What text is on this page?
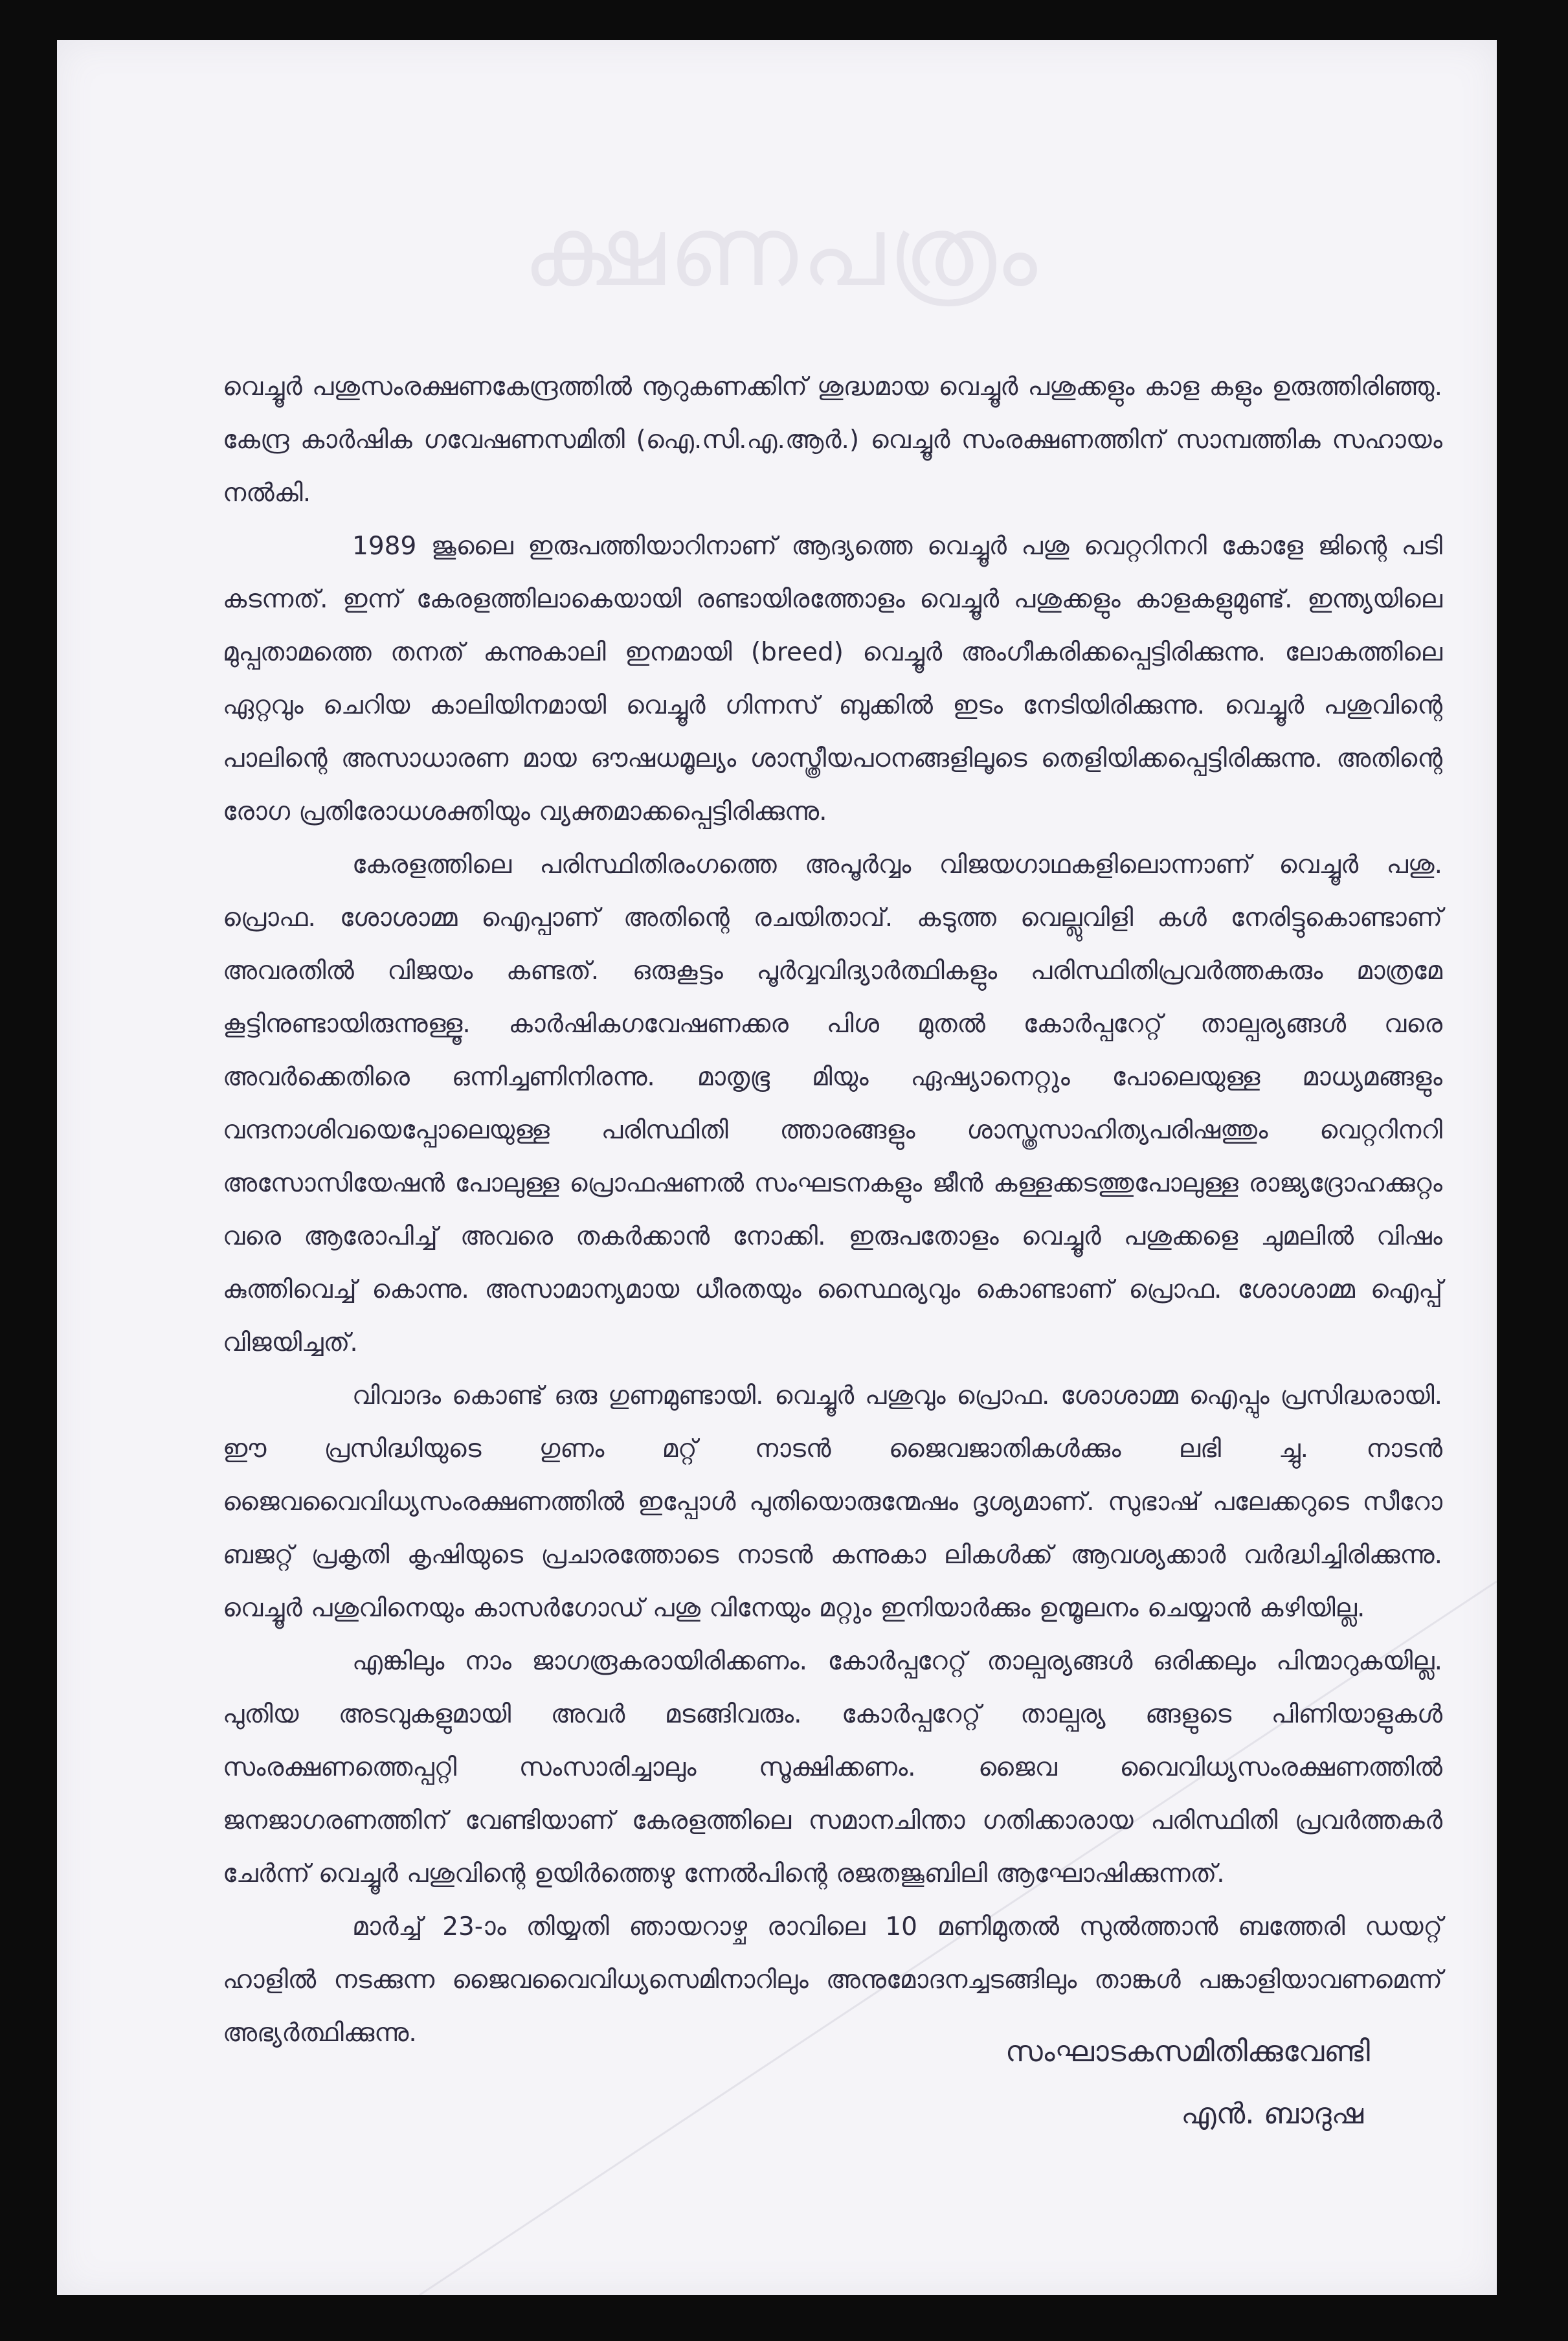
ക്ഷണപത്രം

വെച്ചൂർ പശുസംരക്ഷണകേന്ദ്രത്തിൽ നൂറുകണക്കിന് ശുദ്ധമായ വെച്ചൂർ പശുക്കളും കാള കളും ഉരുത്തിരിഞ്ഞു. കേന്ദ്ര കാർഷിക ഗവേഷണസമിതി (ഐ.സി.എ.ആർ.) വെച്ചൂർ സംരക്ഷണത്തിന് സാമ്പത്തിക സഹായം നൽകി.

1989 ജൂലൈ ഇരുപത്തിയാറിനാണ് ആദ്യത്തെ വെച്ചൂർ പശു വെറ്ററിനറി കോളേ ജിന്റെ പടി കടന്നത്. ഇന്ന് കേരളത്തിലാകെയായി രണ്ടായിരത്തോളം വെച്ചൂർ പശുക്കളും കാളകളുമുണ്ട്. ഇന്ത്യയിലെ മുപ്പതാമത്തെ തനത് കന്നുകാലി ഇനമായി (breed) വെച്ചൂർ അംഗീകരിക്കപ്പെട്ടിരിക്കുന്നു. ലോകത്തിലെ ഏറ്റവും ചെറിയ കാലിയിനമായി വെച്ചൂർ ഗിന്നസ് ബുക്കിൽ ഇടം നേടിയിരിക്കുന്നു. വെച്ചൂർ പശുവിന്റെ പാലിന്റെ അസാധാരണ മായ ഔഷധമൂല്യം ശാസ്ത്രീയപഠനങ്ങളിലൂടെ തെളിയിക്കപ്പെട്ടിരിക്കുന്നു. അതിന്റെ രോഗ പ്രതിരോധശക്തിയും വ്യക്തമാക്കപ്പെട്ടിരിക്കുന്നു.

കേരളത്തിലെ പരിസ്ഥിതിരംഗത്തെ അപൂർവ്വം വിജയഗാഥകളിലൊന്നാണ് വെച്ചൂർ പശു. പ്രൊഫ. ശോശാമ്മ ഐപ്പാണ് അതിന്റെ രചയിതാവ്. കടുത്ത വെല്ലുവിളി കൾ നേരിട്ടുകൊണ്ടാണ് അവരതിൽ വിജയം കണ്ടത്. ഒരുകൂട്ടം പൂർവ്വവിദ്യാർത്ഥികളും പരിസ്ഥിതിപ്രവർത്തകരും മാത്രമേ കൂട്ടിനുണ്ടായിരുന്നുള്ളൂ. കാർഷികഗവേഷണക്കര പിശ മുതൽ കോർപ്പറേറ്റ് താല്പര്യങ്ങൾ വരെ അവർക്കെതിരെ ഒന്നിച്ചണിനിരന്നു. മാതൃഭൂ മിയും ഏഷ്യാനെറ്റും പോലെയുള്ള മാധ്യമങ്ങളും വന്ദനാശിവയെപ്പോലെയുള്ള പരിസ്ഥിതി ത്താരങ്ങളും ശാസ്ത്രസാഹിത്യപരിഷത്തും വെറ്ററിനറി അസോസിയേഷൻ പോലുള്ള പ്രൊഫഷണൽ സംഘടനകളും ജീൻ കള്ളക്കടത്തുപോലുള്ള രാജ്യദ്രോഹക്കുറ്റം വരെ ആരോപിച്ച് അവരെ തകർക്കാൻ നോക്കി. ഇരുപതോളം വെച്ചൂർ പശുക്കളെ ചുമലിൽ വിഷം കുത്തിവെച്ച് കൊന്നു. അസാമാന്യമായ ധീരതയും സ്ഥൈര്യവും കൊണ്ടാണ് പ്രൊഫ. ശോശാമ്മ ഐപ്പ് വിജയിച്ചത്.

വിവാദം കൊണ്ട് ഒരു ഗുണമുണ്ടായി. വെച്ചൂർ പശുവും പ്രൊഫ. ശോശാമ്മ ഐപ്പും പ്രസിദ്ധരായി. ഈ പ്രസിദ്ധിയുടെ ഗുണം മറ്റ് നാടൻ ജൈവജാതികൾക്കും ലഭി ച്ചു. നാടൻ ജൈവവൈവിധ്യസംരക്ഷണത്തിൽ ഇപ്പോൾ പുതിയൊരുന്മേഷം ദൃശ്യമാണ്. സുഭാഷ് പലേക്കറുടെ സീറോ ബജറ്റ് പ്രകൃതി കൃഷിയുടെ പ്രചാരത്തോടെ നാടൻ കന്നുകാ ലികൾക്ക് ആവശ്യക്കാർ വർദ്ധിച്ചിരിക്കുന്നു. വെച്ചൂർ പശുവിനെയും കാസർഗോഡ് പശു വിനേയും മറ്റും ഇനിയാർക്കും ഉന്മൂലനം ചെയ്യാൻ കഴിയില്ല.

എങ്കിലും നാം ജാഗരൂകരായിരിക്കണം. കോർപ്പറേറ്റ് താല്പര്യങ്ങൾ ഒരിക്കലും പിന്മാറുകയില്ല. പുതിയ അടവുകളുമായി അവർ മടങ്ങിവരും. കോർപ്പറേറ്റ് താല്പര്യ ങ്ങളുടെ പിണിയാളുകൾ സംരക്ഷണത്തെപ്പറ്റി സംസാരിച്ചാലും സൂക്ഷിക്കണം. ജൈവ വൈവിധ്യസംരക്ഷണത്തിൽ ജനജാഗരണത്തിന് വേണ്ടിയാണ് കേരളത്തിലെ സമാനചിന്താ ഗതിക്കാരായ പരിസ്ഥിതി പ്രവർത്തകർ ചേർന്ന് വെച്ചൂർ പശുവിന്റെ ഉയിർത്തെഴു ന്നേൽപിന്റെ രജതജൂബിലി ആഘോഷിക്കുന്നത്.

മാർച്ച് 23-ാം തിയ്യതി ഞായറാഴ്ച രാവിലെ 10 മണിമുതൽ സുൽത്താൻ ബത്തേരി ഡയറ്റ് ഹാളിൽ നടക്കുന്ന ജൈവവൈവിധ്യസെമിനാറിലും അനുമോദനച്ചടങ്ങിലും താങ്കൾ പങ്കാളിയാവണമെന്ന് അഭ്യർത്ഥിക്കുന്നു.

സംഘാടകസമിതിക്കുവേണ്ടി
എൻ. ബാദുഷ
